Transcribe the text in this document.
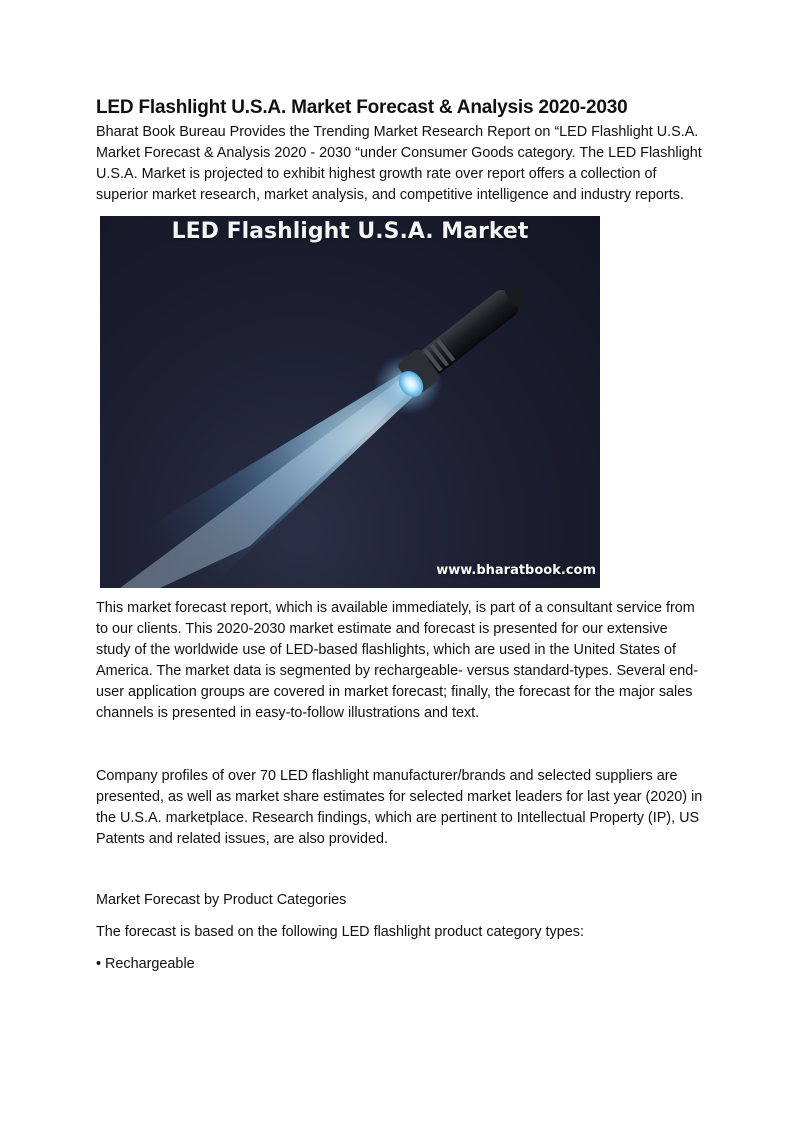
LED Flashlight U.S.A. Market Forecast & Analysis 2020-2030

Bharat Book Bureau Provides the Trending Market Research Report on “LED Flashlight U.S.A. Market Forecast & Analysis 2020 - 2030 “under Consumer Goods category. The LED Flashlight U.S.A. Market is projected to exhibit highest growth rate over report offers a collection of superior market research, market analysis, and competitive intelligence and industry reports.

LED Flashlight U.S.A. Market
www.bharatbook.com

This market forecast report, which is available immediately, is part of a consultant service from to our clients. This 2020-2030 market estimate and forecast is presented for our extensive study of the worldwide use of LED-based flashlights, which are used in the United States of America. The market data is segmented by rechargeable- versus standard-types. Several end-user application groups are covered in market forecast; finally, the forecast for the major sales channels is presented in easy-to-follow illustrations and text.

Company profiles of over 70 LED flashlight manufacturer/brands and selected suppliers are presented, as well as market share estimates for selected market leaders for last year (2020) in the U.S.A. marketplace. Research findings, which are pertinent to Intellectual Property (IP), US Patents and related issues, are also provided.

Market Forecast by Product Categories

The forecast is based on the following LED flashlight product category types:

• Rechargeable
